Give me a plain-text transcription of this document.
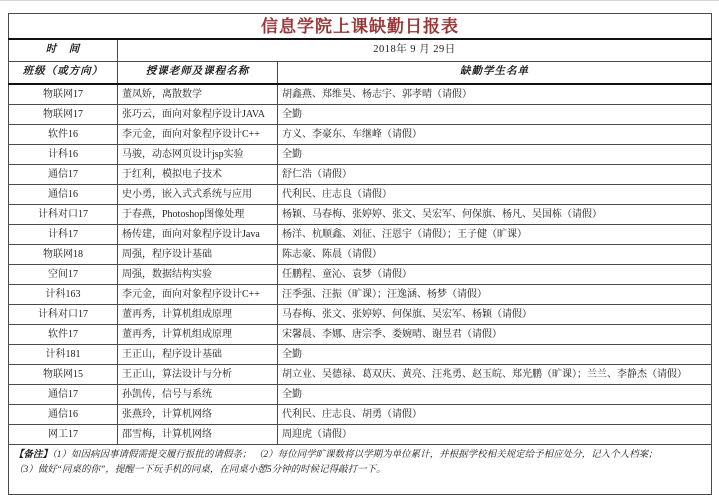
信息学院上课缺勤日报表		
时　间	2018年 9 月 29日	
班级（或方向）	授课老师及课程名称	缺勤学生名单
物联网17	董凤娇，离散数学	胡鑫燕、郑维昊、杨志宇、郭孝晴（请假）
物联网17	张巧云，面向对象程序设计JAVA	全勤
软件16	李元金，面向对象程序设计C++	方义、李豪东、车继峰（请假）
计科16	马骏，动态网页设计jsp实验	全勤
通信17	于红利，模拟电子技术	舒仁浩（请假）
通信16	史小勇，嵌入式式系统与应用	代利民、庄志良（请假）
计科对口17	于春燕，Photoshop图像处理	杨颖、马春梅、张婷婷、张文、吴宏军、何保旗、杨凡、吴国栋（请假）
计科17	杨传建，面向对象程序设计Java	杨洋、杭顺鑫、刘征、汪恩宇（请假）；王子健（旷课）
物联网18	周强，程序设计基础	陈志豪、陈晨（请假）
空间17	周强，数据结构实验	任鹏程、童沁、袁梦（请假）
计科163	李元金，面向对象程序设计C++	汪季强、汪振（旷课）；汪逸涵、杨梦（请假）
计科对口17	董再秀，计算机组成原理	马春梅、张文、张婷婷、何保旗、吴宏军、杨颖（请假）
软件17	董再秀，计算机组成原理	宋馨晨、李娜、唐宗季、娄婉晴、谢昱君（请假）
计科181	王正山，程序设计基础	全勤
物联网15	王正山，算法设计与分析	胡立业、吴德禄、葛双庆、黄亮、汪兆勇、赵玉皖、郑光鹏（旷课）；兰兰、李静杰（请假）
通信17	孙凯传，信号与系统	全勤
通信16	张燕玲，计算机网络	代利民、庄志良、胡勇（请假）
网工17	邵雪梅，计算机网络	周迎虎（请假）

【备注】（1）如因病因事请假需提交履行报批的请假条； （2）每位同学旷课数将以学期为单位累计，并根据学校相关规定给予相应处分，记入个人档案；
（3）做好“同桌的你”，提醒一下玩手机的同桌，在同桌小憩5分钟的时候记得敲打一下。		
